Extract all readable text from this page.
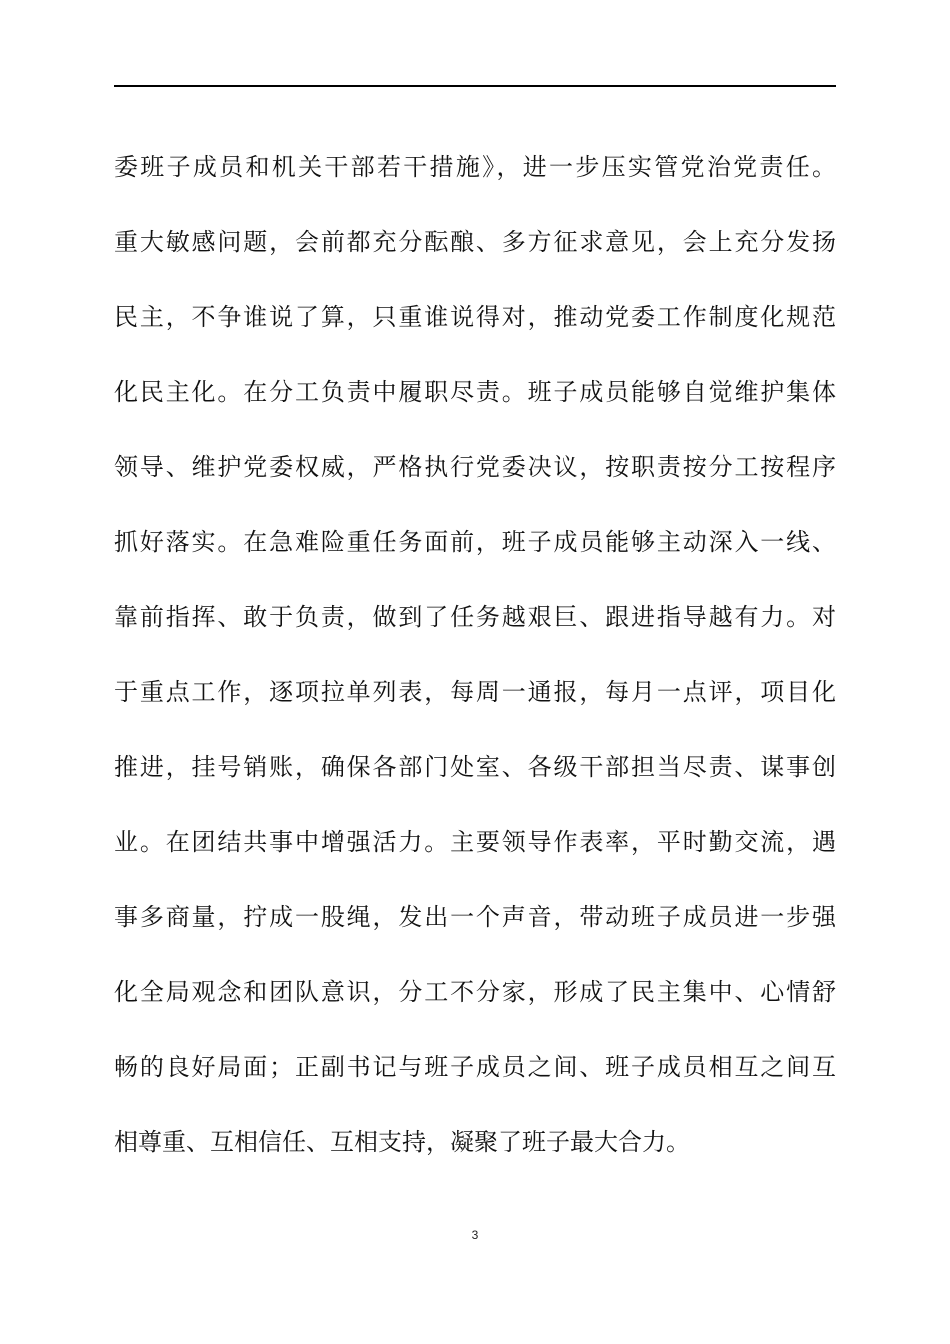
委班子成员和机关干部若干措施》，进一步压实管党治党责任。
重大敏感问题，会前都充分酝酿、多方征求意见，会上充分发扬
民主，不争谁说了算，只重谁说得对，推动党委工作制度化规范
化民主化。在分工负责中履职尽责。班子成员能够自觉维护集体
领导、维护党委权威，严格执行党委决议，按职责按分工按程序
抓好落实。在急难险重任务面前，班子成员能够主动深入一线、
靠前指挥、敢于负责，做到了任务越艰巨、跟进指导越有力。对
于重点工作，逐项拉单列表，每周一通报，每月一点评，项目化
推进，挂号销账，确保各部门处室、各级干部担当尽责、谋事创
业。在团结共事中增强活力。主要领导作表率，平时勤交流，遇
事多商量，拧成一股绳，发出一个声音，带动班子成员进一步强
化全局观念和团队意识，分工不分家，形成了民主集中、心情舒
畅的良好局面；正副书记与班子成员之间、班子成员相互之间互
相尊重、互相信任、互相支持，凝聚了班子最大合力。
3
